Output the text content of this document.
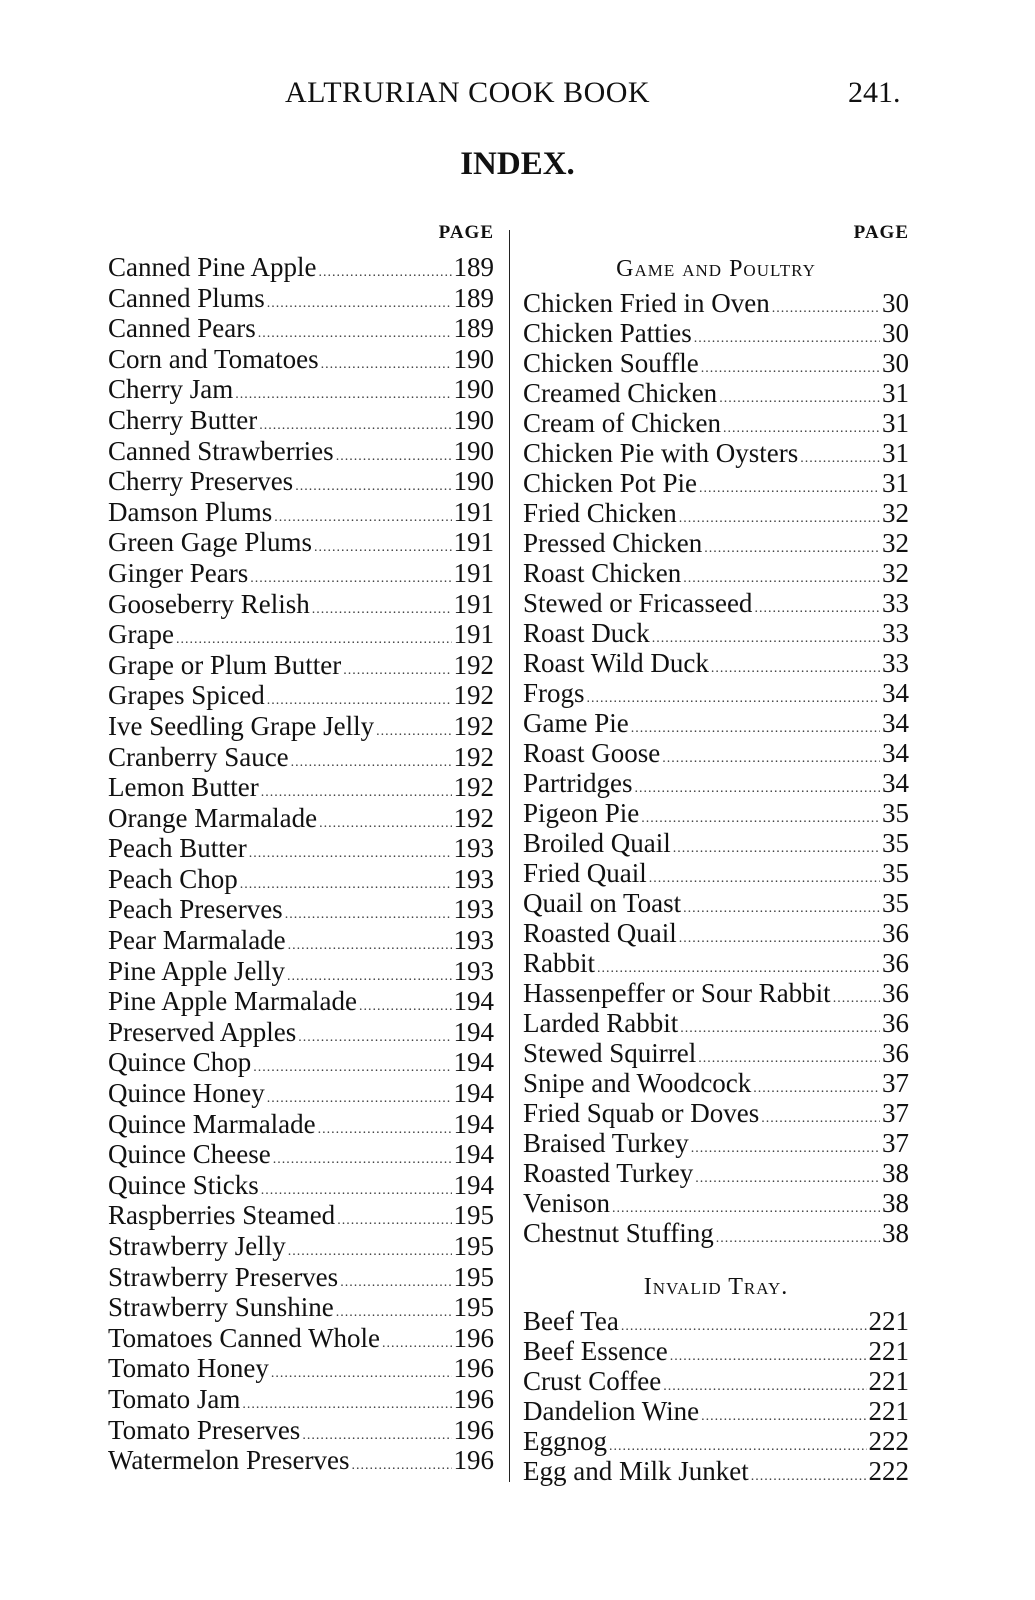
ALTRURIAN COOK BOOK	241.
INDEX.
PAGE
Canned Pine Apple .....	189
Canned Plums .....	189
Canned Pears .....	189
Corn and Tomatoes .....	190
Cherry Jam .....	190
Cherry Butter .....	190
Canned Strawberries .....	190
Cherry Preserves .....	190
Damson Plums .....	191
Green Gage Plums .....	191
Ginger Pears .....	191
Gooseberry Relish .....	191
Grape .....	191
Grape or Plum Butter .....	192
Grapes Spiced .....	192
Ive Seedling Grape Jelly .....	192
Cranberry Sauce .....	192
Lemon Butter .....	192
Orange Marmalade .....	192
Peach Butter .....	193
Peach Chop .....	193
Peach Preserves .....	193
Pear Marmalade .....	193
Pine Apple Jelly .....	193
Pine Apple Marmalade .....	194
Preserved Apples .....	194
Quince Chop .....	194
Quince Honey .....	194
Quince Marmalade .....	194
Quince Cheese .....	194
Quince Sticks .....	194
Raspberries Steamed .....	195
Strawberry Jelly .....	195
Strawberry Preserves .....	195
Strawberry Sunshine .....	195
Tomatoes Canned Whole .....	196
Tomato Honey .....	196
Tomato Jam .....	196
Tomato Preserves .....	196
Watermelon Preserves .....	196
PAGE
Game and Poultry
Chicken Fried in Oven .....	30
Chicken Patties .....	30
Chicken Souffle .....	30
Creamed Chicken .....	31
Cream of Chicken .....	31
Chicken Pie with Oysters .....	31
Chicken Pot Pie .....	31
Fried Chicken .....	32
Pressed Chicken .....	32
Roast Chicken .....	32
Stewed or Fricasseed .....	33
Roast Duck .....	33
Roast Wild Duck .....	33
Frogs .....	34
Game Pie .....	34
Roast Goose .....	34
Partridges .....	34
Pigeon Pie .....	35
Broiled Quail .....	35
Fried Quail .....	35
Quail on Toast .....	35
Roasted Quail .....	36
Rabbit .....	36
Hassenpeffer or Sour Rabbit ..... 36
Larded Rabbit .....	36
Stewed Squirrel .....	36
Snipe and Woodcock .....	37
Fried Squab or Doves .....	37
Braised Turkey .....	37
Roasted Turkey .....	38
Venison .....	38
Chestnut Stuffing .....	38
Invalid Tray.
Beef Tea .....	221
Beef Essence .....	221
Crust Coffee .....	221
Dandelion Wine .....	221
Eggnog .....	222
Egg and Milk Junket .....	222
